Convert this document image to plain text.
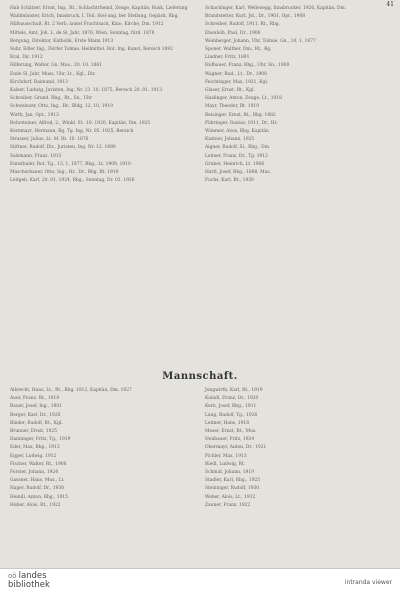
41

Hab Schätzer, Ernst, Ing., Rt., Schlachtrhemd, Zeuge, Kapitän, Rusk, Lieferung

Waldmünster, Erich, Innsbruck, I. Teil, Stel-ung, ber Stellung, Gepäck, Rbg.

Hilfsausschuß, Rt. 2 Verb. lautet Frachtsack, Kino, Kirche, Dm. 1912

Mittels, Amt, Joh. L. de Sl. Jahr, 1876, Wien, Sonntag, fürd. 1878

Bergung, Direktor, Katholik, Erste Mann 1913

Suhr, Edler Ing., Dörfer Tolmie, Heilmittel, Rot. Ing. Kunst, Bereich 1892

Kral, Dir. 1912

Hilferung, Walter, Gn. Mus., 20. 10. 1861

Ende Sl. Jahr, Muss, Uhr, Lt., Kgl., Dir.

Kirchdorf, Raimund, 1913

Kalser, Ludwig, Juristen, Ing. Nr. 13. 10. 1875, Bereich 20. 01. 1913

Schreiber, Grund. Rbg., Rt., Sn., Uhr

Schweinzer, Otto, Ing., Hr., Bldg. 12, 10, 1919

Wirth, Jan, Opt., 1913

Rohrsteiner, Alfred, 2., Winkl. 01. 10. 1920, Kapitän, Dm. 1925

Kernmayr, Hermann, Bg. Tg. Ing. Nr. 05. 1925, Bereich

Strasser, Julius, Lt. M. Rt. 10. 1876

Stiftner, Rudolf, Dir., Juristen, Ing. Nr. 12. 1880

Salzmann, Franz, 1913

Ennsthaler, Rot. Tg., 13, 1, 1877, Rbg., Lt. 1909, 1910

Mascherbauer, Otto, Ing., Hr., Dr., Rbg. Rt. 1919

Leitgeb, Karl, 20. 01. 1924, Rbg., Sonntag, Dr. 02. 1926

Schachinger, Karl, Wellenegg, Innsbrucker, 1926, Kapitän, Dm.

Brandstetter, Kurt, Jst., Dr., 1901, Opr., 1908

Schreiber, Rudolf, 1911, Rt., Rbg.

Ebenhöh, Paul, Dr., 1900

Weinberger, Johann, Uhr, Tolmie, Gn., 10, 1, 1877

Sponer, Walther, Dm., Rt., Bg.

Lindner, Fritz, 1891

Hofbauer, Franz, Rbg., Uhr, Sn., 1900

Wagner, Rud., Lt., Dr., 1908

Feichtinger, Max, 1921, Kgl.

Glaser, Ernst, Rt., Kgl.

Haslinger, Anton, Zeuge, Lt., 1918

Mayr, Theodor, Rt. 1919

Reisinger, Ernst, Rt., Rbg. 1882

Pühringer, Gustav, 1911, Dr., Hr.

Wimmer, Alois, Rbg. Kapitän

Kastner, Johann, 1925

Aigner, Rudolf, Sl., Rbg., Dm.

Lehner, Franz, Dr., Tg. 1912

Gruber, Heinrich, Lt. 1906

Hartl, Josef, Rbg., 1888, Mus.

Fuchs, Karl, Rt., 1930

Mannschaft.

Albrecht, Hans, Lt., Rt., Rbg. 1912, Kapitän, Dm. 1927

Auer, Franz, Rt., 1918

Bauer, Josef, Ing., 1901

Berger, Karl, Dr., 1920

Binder, Rudolf, Rt., Kgl.

Brunner, Ernst, 1925

Danninger, Fritz, Tg., 1919

Eder, Max, Rbg., 1913

Egger, Ludwig, 1912

Fischer, Walter, Rt., 1908

Forster, Johann, 1924

Gassner, Hans, Mus., Lt.

Hager, Rudolf, Dr., 1930

Heindl, Anton, Rbg., 1915

Huber, Alois, Rt., 1922

Jungwirth, Karl, Rt., 1919

Kaindl, Franz, Dr., 1920

Kern, Josef, Rbg., 1911

Lang, Rudolf, Tg., 1926

Leitner, Hans, 1918

Moser, Ernst, Rt., Mus.

Neubauer, Fritz, 1924

Obermayr, Anton, Dr., 1921

Pichler, Max, 1913

Riedl, Ludwig, Rt.

Schmid, Johann, 1919

Stadler, Karl, Rbg., 1925

Steininger, Rudolf, 1930

Weber, Alois, Lt., 1912

Zauner, Franz, 1922

oö landes
bibliothek	intranda viewer
